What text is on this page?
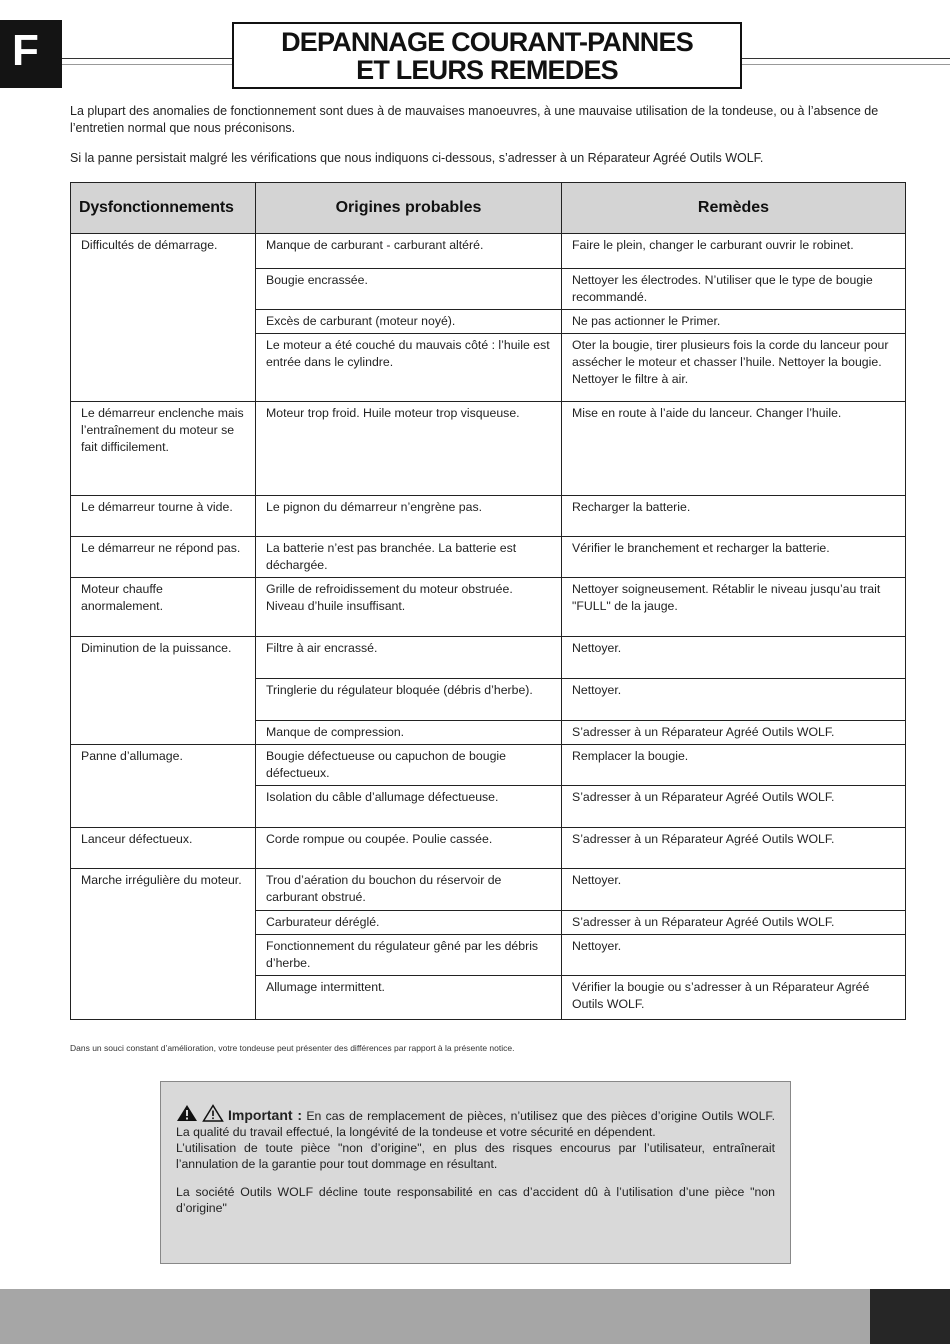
F	DEPANNAGE COURANT-PANNES
ET LEURS REMEDES

La plupart des anomalies de fonctionnement sont dues à de mauvaises manoeuvres, à une mauvaise utilisation de la tondeuse, ou à l’absence de l’entretien normal que nous préconisons.

Si la panne persistait malgré les vérifications que nous indiquons ci-dessous, s’adresser à un Réparateur Agréé Outils WOLF.

Dysfonctionnements	Origines probables	Remèdes
Difficultés de démarrage.	Manque de carburant - carburant altéré.	Faire le plein, changer le carburant ouvrir le robinet.
	Bougie encrassée.	Nettoyer les électrodes. N’utiliser que le type de bougie recommandé.
	Excès de carburant (moteur noyé).	Ne pas actionner le Primer.
	Le moteur a été couché du mauvais côté : l’huile est entrée dans le cylindre.	Oter la bougie, tirer plusieurs fois la corde du lanceur pour assécher le moteur et chasser l’huile. Nettoyer la bougie. Nettoyer le filtre à air.
Le démarreur enclenche mais l’entraînement du moteur se fait difficilement.	Moteur trop froid. Huile moteur trop visqueuse.	Mise en route à l’aide du lanceur. Changer l’huile.
Le démarreur tourne à vide.	Le pignon du démarreur n’engrène pas.	Recharger la batterie.
Le démarreur ne répond pas.	La batterie n’est pas branchée. La batterie est déchargée.	Vérifier le branchement et recharger la batterie.
Moteur chauffe anormalement.	Grille de refroidissement du moteur obstruée. Niveau d’huile insuffisant.	Nettoyer soigneusement. Rétablir le niveau jusqu’au trait "FULL" de la jauge.
Diminution de la puissance.	Filtre à air encrassé.	Nettoyer.
	Tringlerie du régulateur bloquée (débris d’herbe).	Nettoyer.
	Manque de compression.	S’adresser à un Réparateur Agréé Outils WOLF.
Panne d’allumage.	Bougie défectueuse ou capuchon de bougie défectueux.	Remplacer la bougie.
	Isolation du câble d’allumage défectueuse.	S’adresser à un Réparateur Agréé Outils WOLF.
Lanceur défectueux.	Corde rompue ou coupée. Poulie cassée.	S’adresser à un Réparateur Agréé Outils WOLF.
Marche irrégulière du moteur.	Trou d’aération du bouchon du réservoir de carburant obstrué.	Nettoyer.
	Carburateur déréglé.	S’adresser à un Réparateur Agréé Outils WOLF.
	Fonctionnement du régulateur gêné par les débris d’herbe.	Nettoyer.
	Allumage intermittent.	Vérifier la bougie ou s’adresser à un Réparateur Agréé Outils WOLF.
Dans un souci constant d’amélioration, votre tondeuse peut présenter des différences par rapport à la présente notice.

Important : En cas de remplacement de pièces, n’utilisez que des pièces d’origine Outils WOLF. La qualité du travail effectué, la longévité de la tondeuse et votre sécurité en dépendent.

L’utilisation de toute pièce "non d’origine", en plus des risques encourus par l’utilisateur, entraînerait l’annulation de la garantie pour tout dommage en résultant.

La société Outils WOLF décline toute responsabilité en cas d’accident dû à l’utilisation d’une pièce "non d’origine"
